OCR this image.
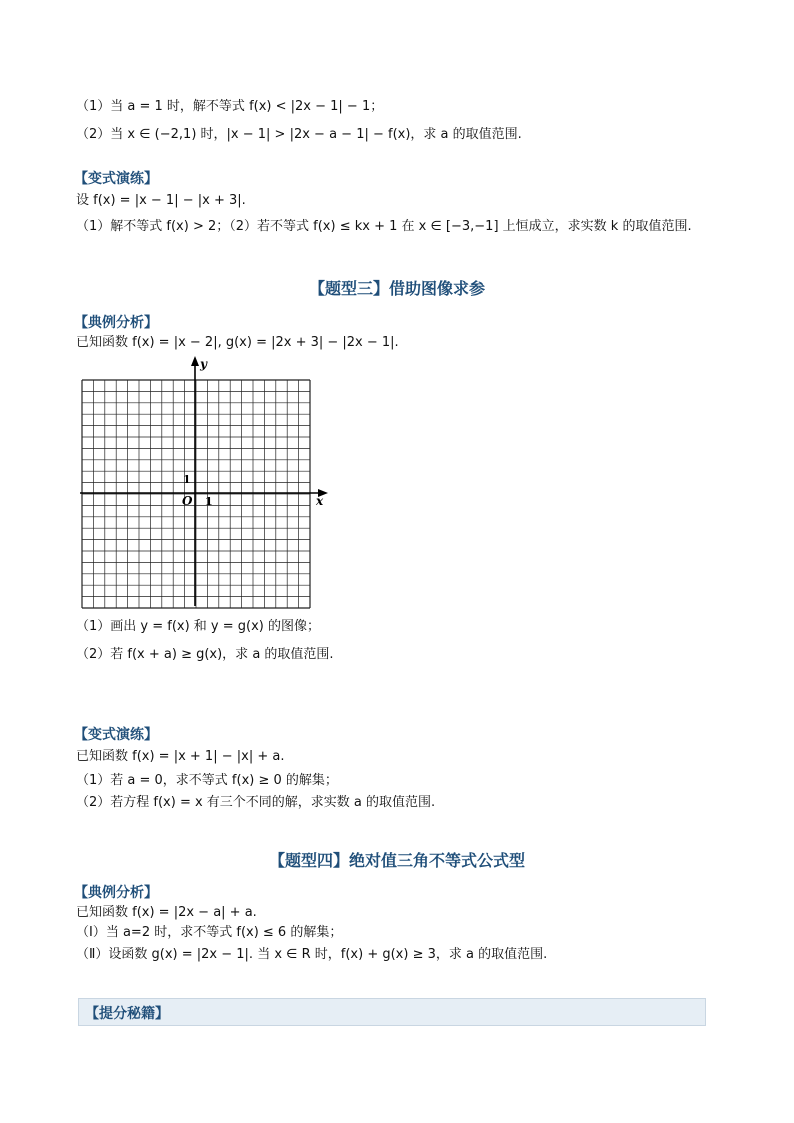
（1）当 a = 1 时，解不等式 f(x) < |2x − 1| − 1；
（2）当 x ∈ (−2,1) 时，|x − 1| > |2x − a − 1| − f(x)，求 a 的取值范围.
【变式演练】
设 f(x) = |x − 1| − |x + 3|.
（1）解不等式 f(x) > 2；（2）若不等式 f(x) ≤ kx + 1 在 x ∈ [−3,−1] 上恒成立，求实数 k 的取值范围.
【题型三】借助图像求参
【典例分析】
已知函数 f(x) = |x − 2|, g(x) = |2x + 3| − |2x − 1|.
x
y
O 1
1
（1）画出 y = f(x) 和 y = g(x) 的图像；
（2）若 f(x + a) ≥ g(x)，求 a 的取值范围.
【变式演练】
已知函数 f(x) = |x + 1| − |x| + a.
（1）若 a = 0，求不等式 f(x) ≥ 0 的解集；
（2）若方程 f(x) = x 有三个不同的解，求实数 a 的取值范围.
【题型四】绝对值三角不等式公式型
【典例分析】
已知函数 f(x) = |2x − a| + a.
（Ⅰ）当 a=2 时，求不等式 f(x) ≤ 6 的解集；
（Ⅱ）设函数 g(x) = |2x − 1|. 当 x ∈ R 时，f(x) + g(x) ≥ 3，求 a 的取值范围.
【提分秘籍】
